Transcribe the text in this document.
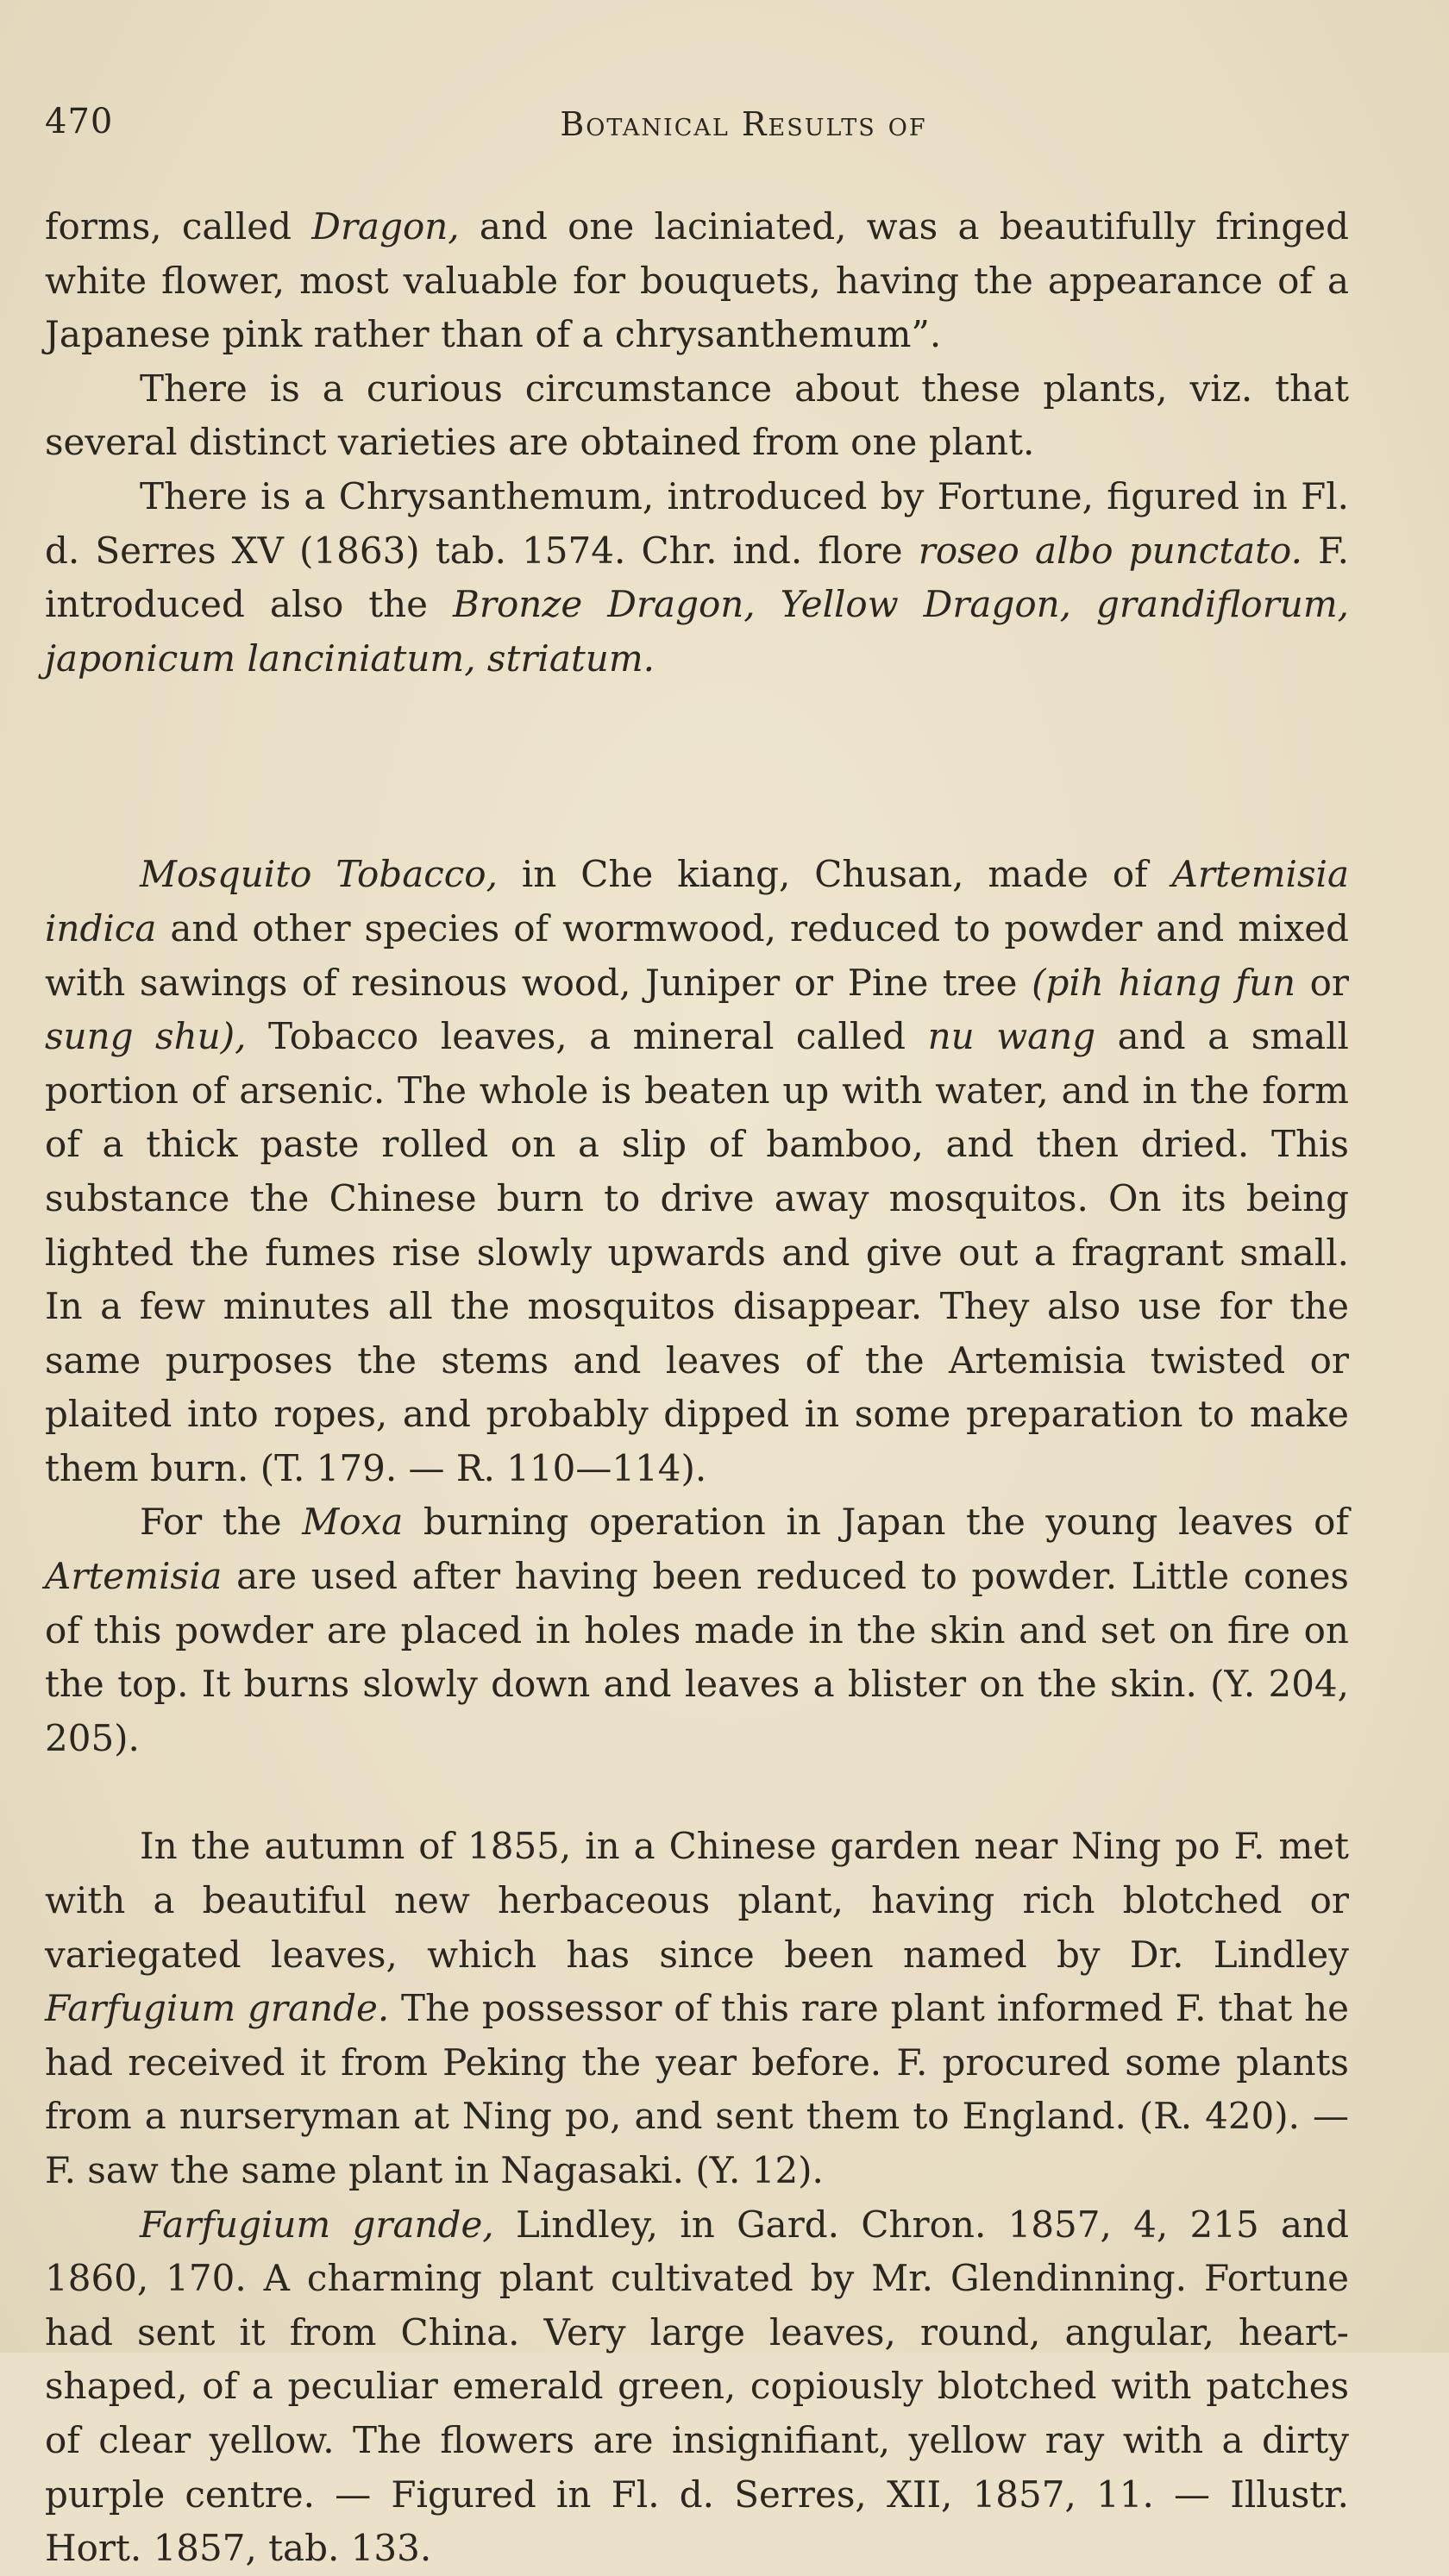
470	Botanical Results of

forms, called Dragon, and one laciniated, was a beautifully fringed white flower, most valuable for bouquets, having the appearance of a Japanese pink rather than of a chrysanthemum”.

There is a curious circumstance about these plants, viz. that several distinct varieties are obtained from one plant.

There is a Chrysanthemum, introduced by Fortune, figured in Fl. d. Serres XV (1863) tab. 1574. Chr. ind. flore roseo albo punctato. F. introduced also the Bronze Dragon, Yellow Dragon, grandiflorum, japonicum lanciniatum, striatum.

Mosquito Tobacco, in Che kiang, Chusan, made of Artemisia indica and other species of wormwood, reduced to powder and mixed with sawings of resinous wood, Juniper or Pine tree (pih hiang fun or sung shu), Tobacco leaves, a mineral called nu wang and a small portion of arsenic. The whole is beaten up with water, and in the form of a thick paste rolled on a slip of bamboo, and then dried. This substance the Chinese burn to drive away mosquitos. On its being lighted the fumes rise slowly upwards and give out a fragrant small. In a few minutes all the mosquitos disappear. They also use for the same purposes the stems and leaves of the Artemisia twisted or plaited into ropes, and probably dipped in some preparation to make them burn. (T. 179. — R. 110—114).

For the Moxa burning operation in Japan the young leaves of Artemisia are used after having been reduced to powder. Little cones of this powder are placed in holes made in the skin and set on fire on the top. It burns slowly down and leaves a blister on the skin. (Y. 204, 205).

In the autumn of 1855, in a Chinese garden near Ning po F. met with a beautiful new herbaceous plant, having rich blotched or variegated leaves, which has since been named by Dr. Lindley Farfugium grande. The possessor of this rare plant informed F. that he had received it from Peking the year before. F. procured some plants from a nurseryman at Ning po, and sent them to England. (R. 420). — F. saw the same plant in Nagasaki. (Y. 12).

Farfugium grande, Lindley, in Gard. Chron. 1857, 4, 215 and 1860, 170. A charming plant cultivated by Mr. Glendinning. Fortune had sent it from China. Very large leaves, round, angular, heart-shaped, of a peculiar emerald green, copiously blotched with patches of clear yellow. The flowers are insignifiant, yellow ray with a dirty purple centre. — Figured in Fl. d. Serres, XII, 1857, 11. — Illustr. Hort. 1857, tab. 133.
